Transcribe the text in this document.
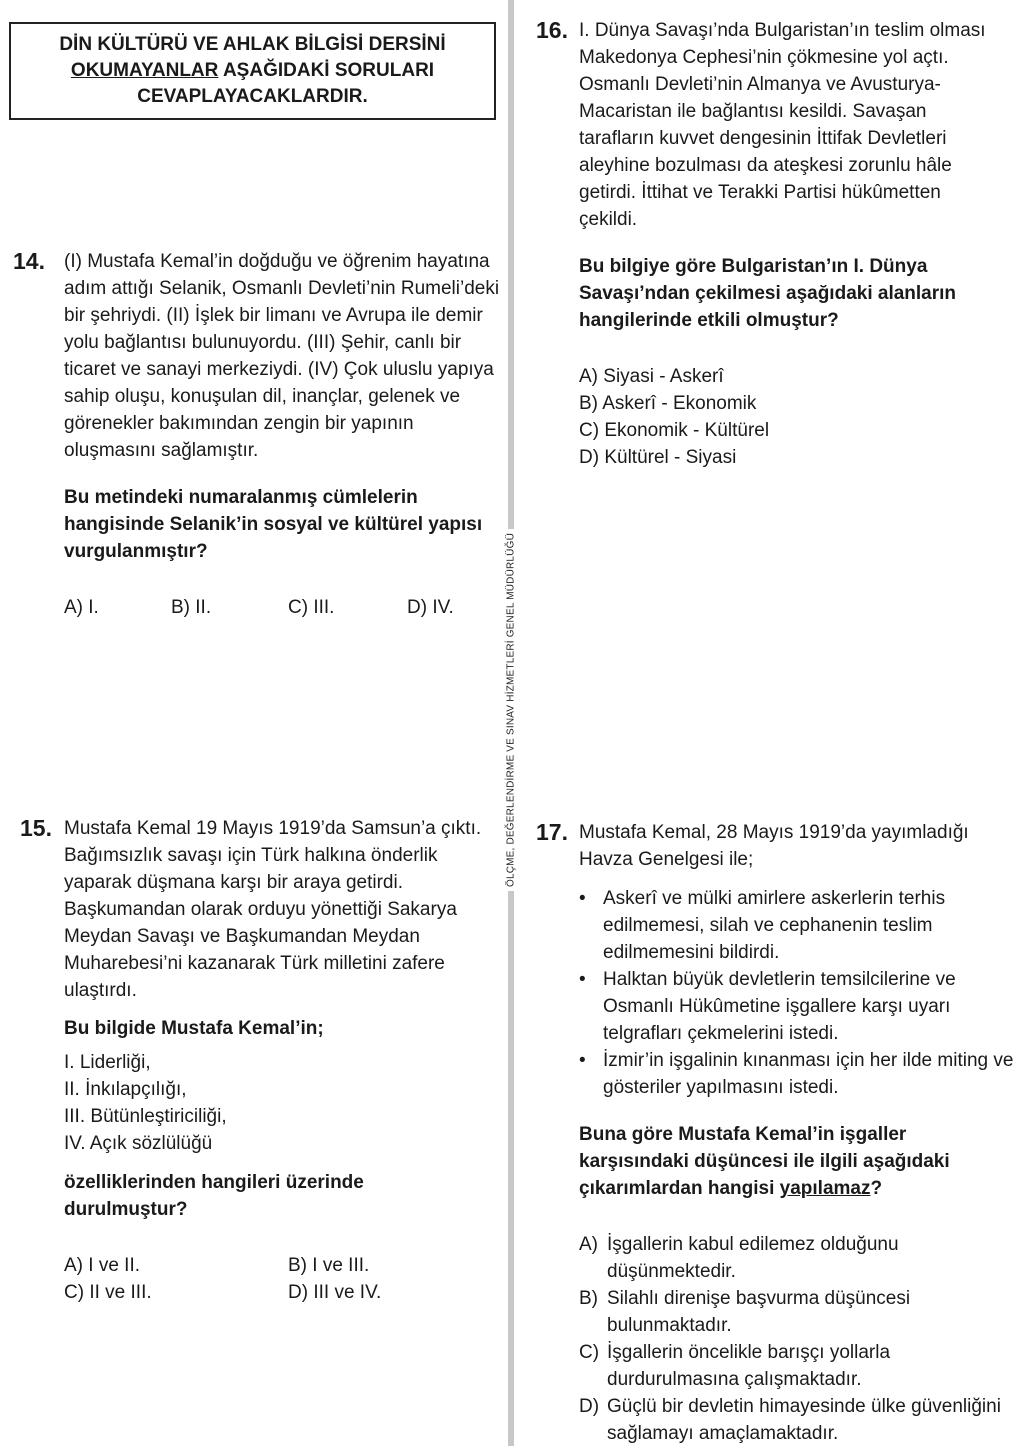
DİN KÜLTÜRÜ VE AHLAK BİLGİSİ DERSİNİ
OKUMAYANLAR AŞAĞIDAKİ SORULARI
CEVAPLAYACAKLARDIR.
ÖLÇME, DEĞERLENDİRME VE SINAV HİZMETLERİ GENEL MÜDÜRLÜĞÜ
14. (I) Mustafa Kemal’in doğduğu ve öğrenim hayatına adım attığı Selanik, Osmanlı Devleti’nin Rumeli’deki bir şehriydi. (II) İşlek bir limanı ve Avrupa ile demir yolu bağlantısı bulunuyordu. (III) Şehir, canlı bir ticaret ve sanayi merkeziydi. (IV) Çok uluslu yapıya sahip oluşu, konuşulan dil, inançlar, gelenek ve görenekler bakımından zengin bir yapının oluşmasını sağlamıştır.

Bu metindeki numaralanmış cümlelerin hangisinde Selanik’in sosyal ve kültürel yapısı vurgulanmıştır?

A) I.	B) II.	C) III.	D) IV.
15. Mustafa Kemal 19 Mayıs 1919’da Samsun’a çıktı. Bağımsızlık savaşı için Türk halkına önderlik yaparak düşmana karşı bir araya getirdi. Başkumandan olarak orduyu yönettiği Sakarya Meydan Savaşı ve Başkumandan Meydan Muharebesi’ni kazanarak Türk milletini zafere ulaştırdı.

Bu bilgide Mustafa Kemal’in;

I. Liderliği,

II. İnkılapçılığı,

III. Bütünleştiriciliği,

IV. Açık sözlülüğü

özelliklerinden hangileri üzerinde durulmuştur?

A) I ve II.	B) I ve III.
C) II ve III.	D) III ve IV.
16. I. Dünya Savaşı’nda Bulgaristan’ın teslim olması Makedonya Cephesi’nin çökmesine yol açtı. Osmanlı Devleti’nin Almanya ve Avusturya-Macaristan ile bağlantısı kesildi. Savaşan tarafların kuvvet dengesinin İttifak Devletleri aleyhine bozulması da ateşkesi zorunlu hâle getirdi. İttihat ve Terakki Partisi hükûmetten çekildi.

Bu bilgiye göre Bulgaristan’ın I. Dünya Savaşı’ndan çekilmesi aşağıdaki alanların hangilerinde etkili olmuştur?

A) Siyasi - Askerî
B) Askerî - Ekonomik
C) Ekonomik - Kültürel
D) Kültürel - Siyasi
17. Mustafa Kemal, 28 Mayıs 1919’da yayımladığı Havza Genelgesi ile;

• Askerî ve mülki amirlere askerlerin terhis edilmemesi, silah ve cephanenin teslim edilmemesini bildirdi.
• Halktan büyük devletlerin temsilcilerine ve Osmanlı Hükûmetine işgallere karşı uyarı telgrafları çekmelerini istedi.
• İzmir’in işgalinin kınanması için her ilde miting ve gösteriler yapılmasını istedi.

Buna göre Mustafa Kemal’in işgaller karşısındaki düşüncesi ile ilgili aşağıdaki çıkarımlardan hangisi yapılamaz?

A) İşgallerin kabul edilemez olduğunu düşünmektedir.
B) Silahlı direnişe başvurma düşüncesi bulunmaktadır.
C) İşgallerin öncelikle barışçı yollarla durdurulmasına çalışmaktadır.
D) Güçlü bir devletin himayesinde ülke güvenliğini sağlamayı amaçlamaktadır.
